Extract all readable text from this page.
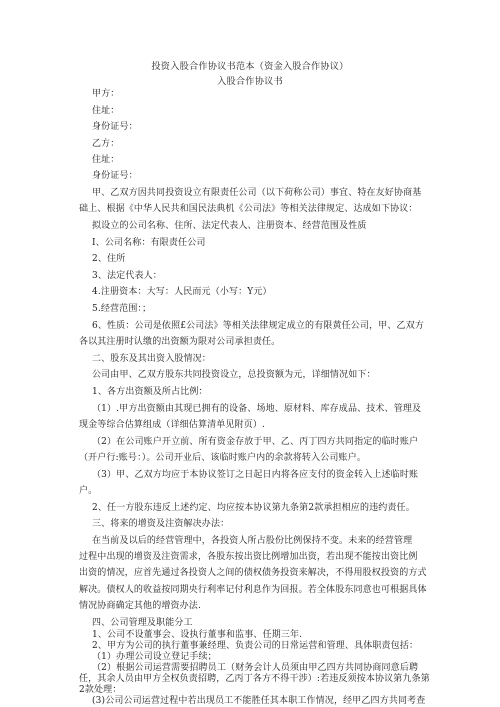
投资入股合作协议书范本（资金入股合作协议）
入股合作协议书
甲方：
住址：
身份证号：
乙方：
住址：
身份证号：
甲、乙双方因共同投资设立有限责任公司（以下荷称公司）事宜、特在友好协商基
础上、根据《中华人民共和国民法典机《公司法》等相关法律规定、达成如下协议：
拟设立的公司名称、住所、法定代表人、注册资本、经营范围及性质
I、公司名称：有限责任公司
2、住所
3、法定代表人：
4.注册资本：大写：人民而元（小写：Y元）
5.经营范围：；
6、性质：公司是依照£公司法》等相关法律规定成立的有限黄任公司，甲、乙双方
各以其注册时认缴的出资额为限对公司承担责任。
二、股东及其出资入股情况：
公司由甲、乙双方股东共同投资设立，总投资额为元，详细情况如下：
1、各方出资额及所占比例：
（1）.甲方出资额由其现已拥有的设备、场地、原材料、库存成品、技术、管理及
现金等综合估算组成（详细估算清单见附页）.
（2）在公司账户开立前、所有资金存放于甲、乙、丙丁四方共同指定的临时账户
（开户行:账号：）。公司开业后、该临时账户内的余款将转入公司账户。
（3）甲、乙双方均应于本协议签订之日起日内将各应支付的资金转入上述临时账
户。
2、任一方股东违反上述约定、均应按本协议第九条第2款承担相应的违约责任。
三、将来的增资及注资解决办法：
在当前及以后的经营管理中，各投资人所占股份比例保持不变。未来的经营管理
过程中出现的增资及注资需求，各股东按出资比例增加出资，若出现不能按出资比例
出资的情况，应首先通过各投资人之间的债权债务投资来解决，不得用股权投资的方式
解决。债权人的收益按同期央行利率记付利息作为回报。若全体股东同意也可根据具体
情况协商确定其他的增资办法.
四、公司管理及职能分工
1、公司不设董事会、设执行董事和监事、任期三年.
2、甲方为公司的执行董事兼经理、负责公司的日常运营和管理、具体职责包括：
（1）办理公司设立登记手续；
（2）根据公司运营需要招聘员工（财务会计人员须由甲乙四方共同协商同意后聘
任，其余人员由甲方全权负责招聘，乙丙丁各方不得干涉）:若违反须按本协议第九条第
2款处理：
(3)公司公司运营过程中若出现员工不能胜任其本职工作情况，经甲乙四方共同考查
